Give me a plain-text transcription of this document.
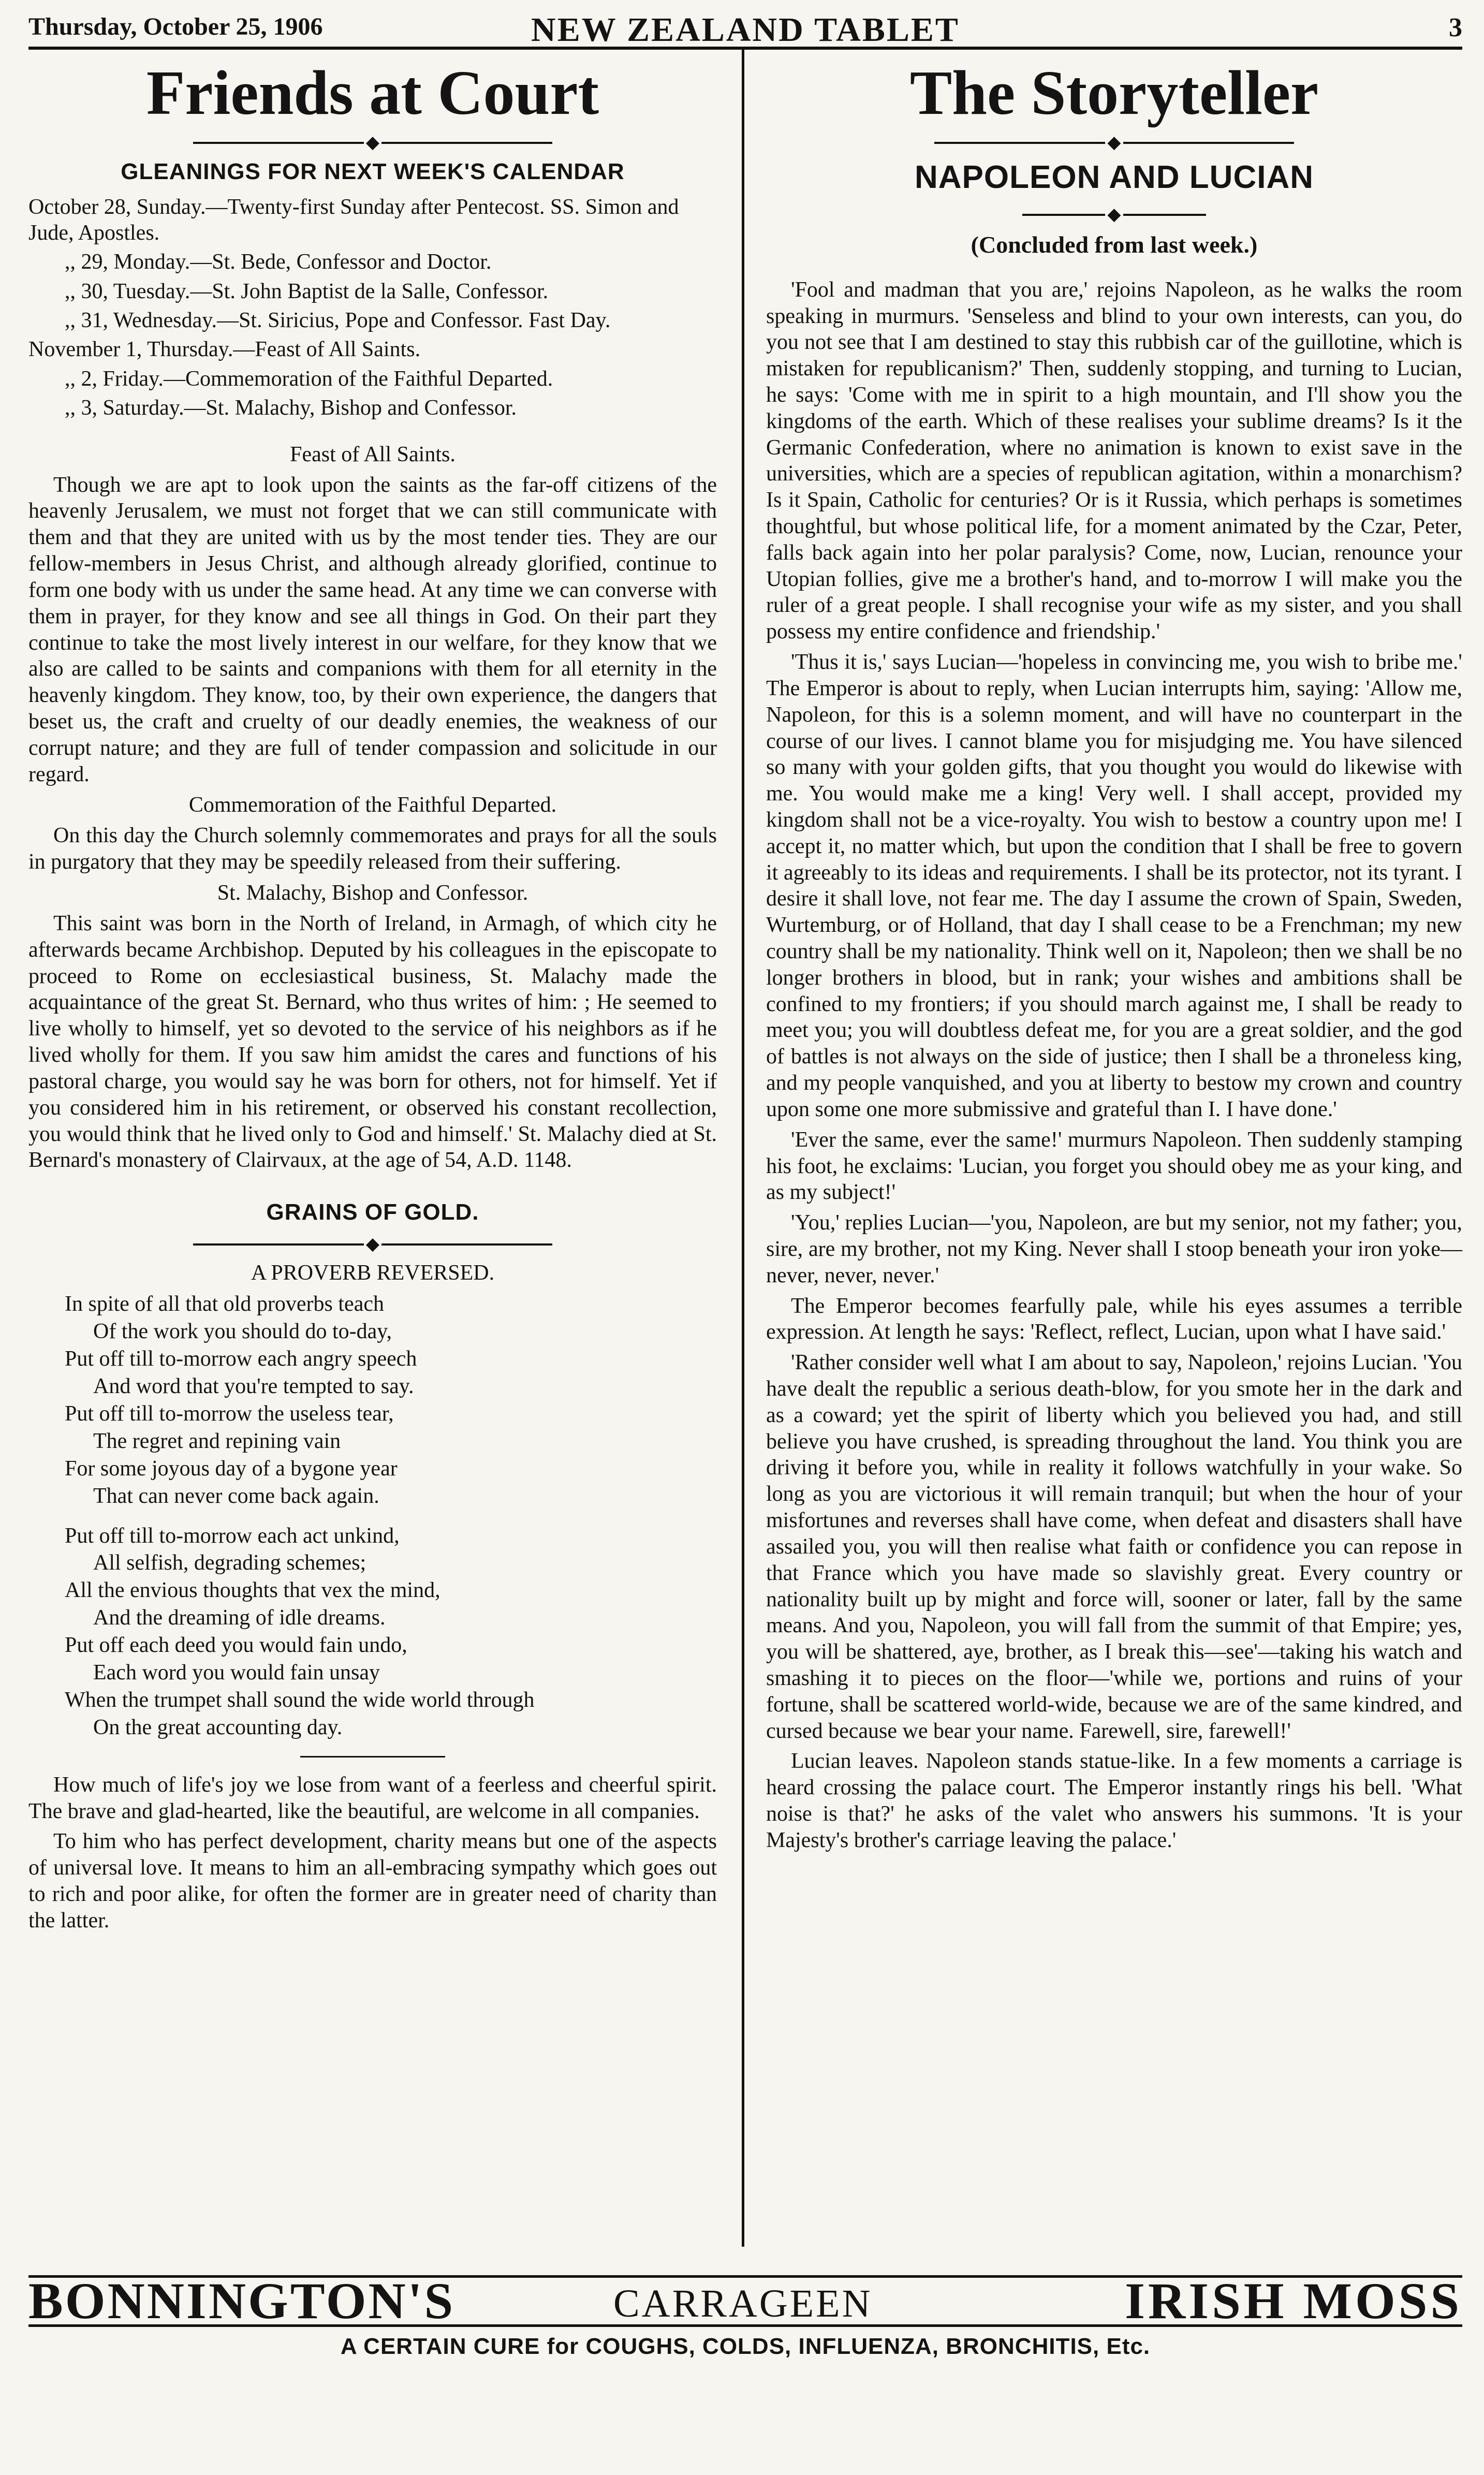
Thursday, October 25, 1906	NEW ZEALAND TABLET	3
Friends at Court
◆
GLEANINGS FOR NEXT WEEK'S CALENDAR
October 28, Sunday.—Twenty-first Sunday after Pentecost. SS. Simon and Jude, Apostles.
,, 29, Monday.—St. Bede, Confessor and Doctor.
,, 30, Tuesday.—St. John Baptist de la Salle, Confessor.
,, 31, Wednesday.—St. Siricius, Pope and Confessor. Fast Day.
November 1, Thursday.—Feast of All Saints.
,, 2, Friday.—Commemoration of the Faithful Departed.
,, 3, Saturday.—St. Malachy, Bishop and Confessor.
Feast of All Saints.

Though we are apt to look upon the saints as the far-off citizens of the heavenly Jerusalem, we must not forget that we can still communicate with them and that they are united with us by the most tender ties. They are our fellow-members in Jesus Christ, and although already glorified, continue to form one body with us under the same head. At any time we can converse with them in prayer, for they know and see all things in God. On their part they continue to take the most lively interest in our welfare, for they know that we also are called to be saints and companions with them for all eternity in the heavenly kingdom. They know, too, by their own experience, the dangers that beset us, the craft and cruelty of our deadly enemies, the weakness of our corrupt nature; and they are full of tender compassion and solicitude in our regard.

Commemoration of the Faithful Departed.

On this day the Church solemnly commemorates and prays for all the souls in purgatory that they may be speedily released from their suffering.

St. Malachy, Bishop and Confessor.

This saint was born in the North of Ireland, in Armagh, of which city he afterwards became Archbishop. Deputed by his colleagues in the episcopate to proceed to Rome on ecclesiastical business, St. Malachy made the acquaintance of the great St. Bernard, who thus writes of him: ; He seemed to live wholly to himself, yet so devoted to the service of his neighbors as if he lived wholly for them. If you saw him amidst the cares and functions of his pastoral charge, you would say he was born for others, not for himself. Yet if you considered him in his retirement, or observed his constant recollection, you would think that he lived only to God and himself.' St. Malachy died at St. Bernard's monastery of Clairvaux, at the age of 54, A.D. 1148.

GRAINS OF GOLD.
◆
A PROVERB REVERSED.
In spite of all that old proverbs teach
Of the work you should do to-day,
Put off till to-morrow each angry speech
And word that you're tempted to say.
Put off till to-morrow the useless tear,
The regret and repining vain
For some joyous day of a bygone year
That can never come back again.
Put off till to-morrow each act unkind,
All selfish, degrading schemes;
All the envious thoughts that vex the mind,
And the dreaming of idle dreams.
Put off each deed you would fain undo,
Each word you would fain unsay
When the trumpet shall sound the wide world through
On the great accounting day.

How much of life's joy we lose from want of a feerless and cheerful spirit. The brave and glad-hearted, like the beautiful, are welcome in all companies.

To him who has perfect development, charity means but one of the aspects of universal love. It means to him an all-embracing sympathy which goes out to rich and poor alike, for often the former are in greater need of charity than the latter.

The Storyteller
◆
NAPOLEON AND LUCIAN
◆
(Concluded from last week.)

'Fool and madman that you are,' rejoins Napoleon, as he walks the room speaking in murmurs. 'Senseless and blind to your own interests, can you, do you not see that I am destined to stay this rubbish car of the guillotine, which is mistaken for republicanism?' Then, suddenly stopping, and turning to Lucian, he says: 'Come with me in spirit to a high mountain, and I'll show you the kingdoms of the earth. Which of these realises your sublime dreams? Is it the Germanic Confederation, where no animation is known to exist save in the universities, which are a species of republican agitation, within a monarchism? Is it Spain, Catholic for centuries? Or is it Russia, which perhaps is sometimes thoughtful, but whose political life, for a moment animated by the Czar, Peter, falls back again into her polar paralysis? Come, now, Lucian, renounce your Utopian follies, give me a brother's hand, and to-morrow I will make you the ruler of a great people. I shall recognise your wife as my sister, and you shall possess my entire confidence and friendship.'

'Thus it is,' says Lucian—'hopeless in convincing me, you wish to bribe me.' The Emperor is about to reply, when Lucian interrupts him, saying: 'Allow me, Napoleon, for this is a solemn moment, and will have no counterpart in the course of our lives. I cannot blame you for misjudging me. You have silenced so many with your golden gifts, that you thought you would do likewise with me. You would make me a king! Very well. I shall accept, provided my kingdom shall not be a vice-royalty. You wish to bestow a country upon me! I accept it, no matter which, but upon the condition that I shall be free to govern it agreeably to its ideas and requirements. I shall be its protector, not its tyrant. I desire it shall love, not fear me. The day I assume the crown of Spain, Sweden, Wurtemburg, or of Holland, that day I shall cease to be a Frenchman; my new country shall be my nationality. Think well on it, Napoleon; then we shall be no longer brothers in blood, but in rank; your wishes and ambitions shall be confined to my frontiers; if you should march against me, I shall be ready to meet you; you will doubtless defeat me, for you are a great soldier, and the god of battles is not always on the side of justice; then I shall be a throneless king, and my people vanquished, and you at liberty to bestow my crown and country upon some one more submissive and grateful than I. I have done.'

'Ever the same, ever the same!' murmurs Napoleon. Then suddenly stamping his foot, he exclaims: 'Lucian, you forget you should obey me as your king, and as my subject!'

'You,' replies Lucian—'you, Napoleon, are but my senior, not my father; you, sire, are my brother, not my King. Never shall I stoop beneath your iron yoke—never, never, never.'

The Emperor becomes fearfully pale, while his eyes assumes a terrible expression. At length he says: 'Reflect, reflect, Lucian, upon what I have said.'

'Rather consider well what I am about to say, Napoleon,' rejoins Lucian. 'You have dealt the republic a serious death-blow, for you smote her in the dark and as a coward; yet the spirit of liberty which you believed you had, and still believe you have crushed, is spreading throughout the land. You think you are driving it before you, while in reality it follows watchfully in your wake. So long as you are victorious it will remain tranquil; but when the hour of your misfortunes and reverses shall have come, when defeat and disasters shall have assailed you, you will then realise what faith or confidence you can repose in that France which you have made so slavishly great. Every country or nationality built up by might and force will, sooner or later, fall by the same means. And you, Napoleon, you will fall from the summit of that Empire; yes, you will be shattered, aye, brother, as I break this—see'—taking his watch and smashing it to pieces on the floor—'while we, portions and ruins of your fortune, shall be scattered world-wide, because we are of the same kindred, and cursed because we bear your name. Farewell, sire, farewell!'

Lucian leaves. Napoleon stands statue-like. In a few moments a carriage is heard crossing the palace court. The Emperor instantly rings his bell. 'What noise is that?' he asks of the valet who answers his summons. 'It is your Majesty's brother's carriage leaving the palace.'

BONNINGTON'S	CARRAGEEN	IRISH MOSS
A CERTAIN CURE for COUGHS, COLDS, INFLUENZA, BRONCHITIS, Etc.
